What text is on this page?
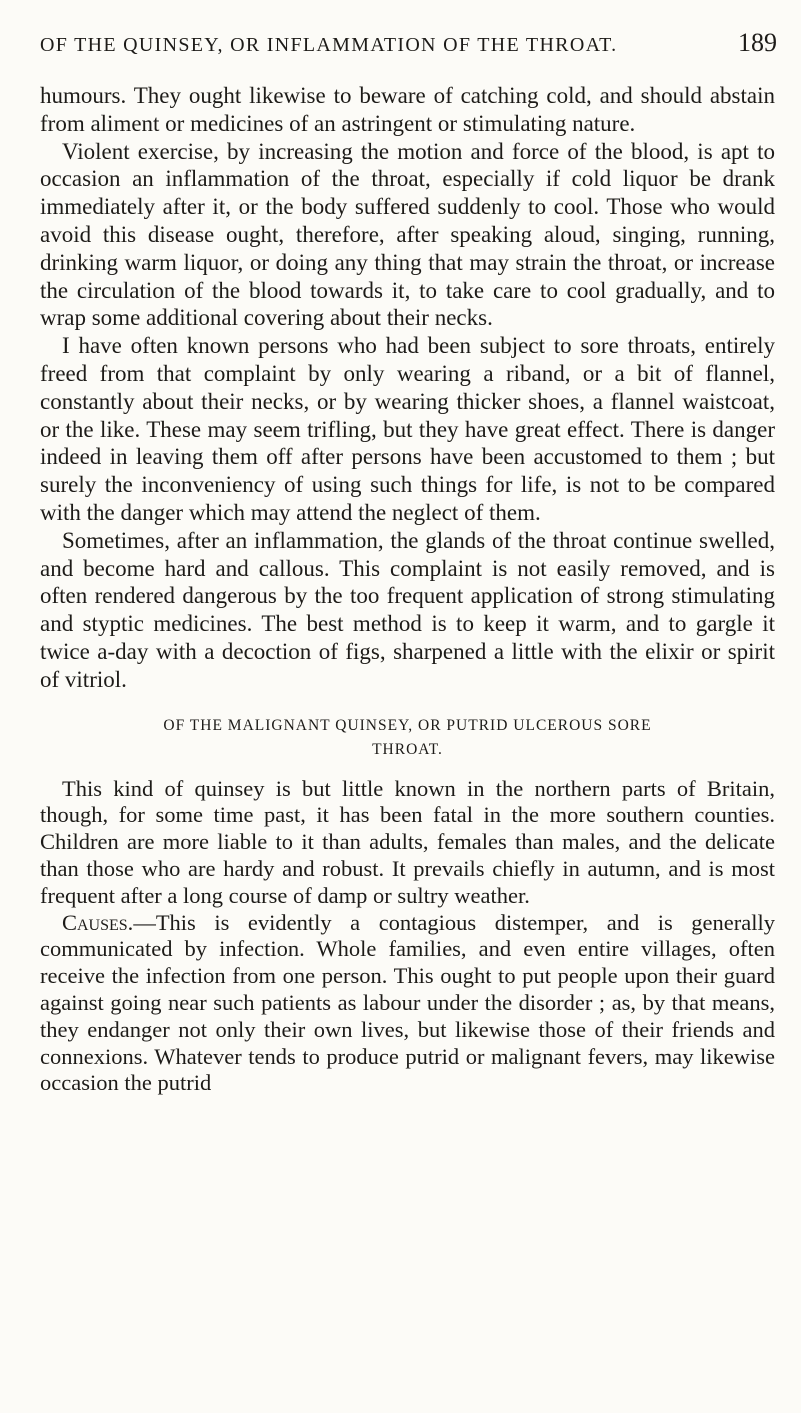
OF THE QUINSEY, OR INFLAMMATION OF THE THROAT.	189

humours. They ought likewise to beware of catching cold, and should abstain from aliment or medicines of an astringent or stimulating nature.

Violent exercise, by increasing the motion and force of the blood, is apt to occasion an inflammation of the throat, especially if cold liquor be drank immediately after it, or the body suffered suddenly to cool. Those who would avoid this disease ought, therefore, after speaking aloud, singing, running, drinking warm liquor, or doing any thing that may strain the throat, or increase the circulation of the blood towards it, to take care to cool gradually, and to wrap some additional covering about their necks.

I have often known persons who had been subject to sore throats, entirely freed from that complaint by only wearing a riband, or a bit of flannel, constantly about their necks, or by wearing thicker shoes, a flannel waistcoat, or the like. These may seem trifling, but they have great effect. There is danger indeed in leaving them off after persons have been accustomed to them ; but surely the inconveniency of using such things for life, is not to be compared with the danger which may attend the neglect of them.

Sometimes, after an inflammation, the glands of the throat continue swelled, and become hard and callous. This complaint is not easily removed, and is often rendered dangerous by the too frequent application of strong stimulating and styptic medicines. The best method is to keep it warm, and to gargle it twice a-day with a decoction of figs, sharpened a little with the elixir or spirit of vitriol.

OF THE MALIGNANT QUINSEY, OR PUTRID ULCEROUS SORE
THROAT.

This kind of quinsey is but little known in the northern parts of Britain, though, for some time past, it has been fatal in the more southern counties. Children are more liable to it than adults, females than males, and the delicate than those who are hardy and robust. It prevails chiefly in autumn, and is most frequent after a long course of damp or sultry weather.

Causes.—This is evidently a contagious distemper, and is generally communicated by infection. Whole families, and even entire villages, often receive the infection from one person. This ought to put people upon their guard against going near such patients as labour under the disorder ; as, by that means, they endanger not only their own lives, but likewise those of their friends and connexions. Whatever tends to produce putrid or malignant fevers, may likewise occasion the putrid
